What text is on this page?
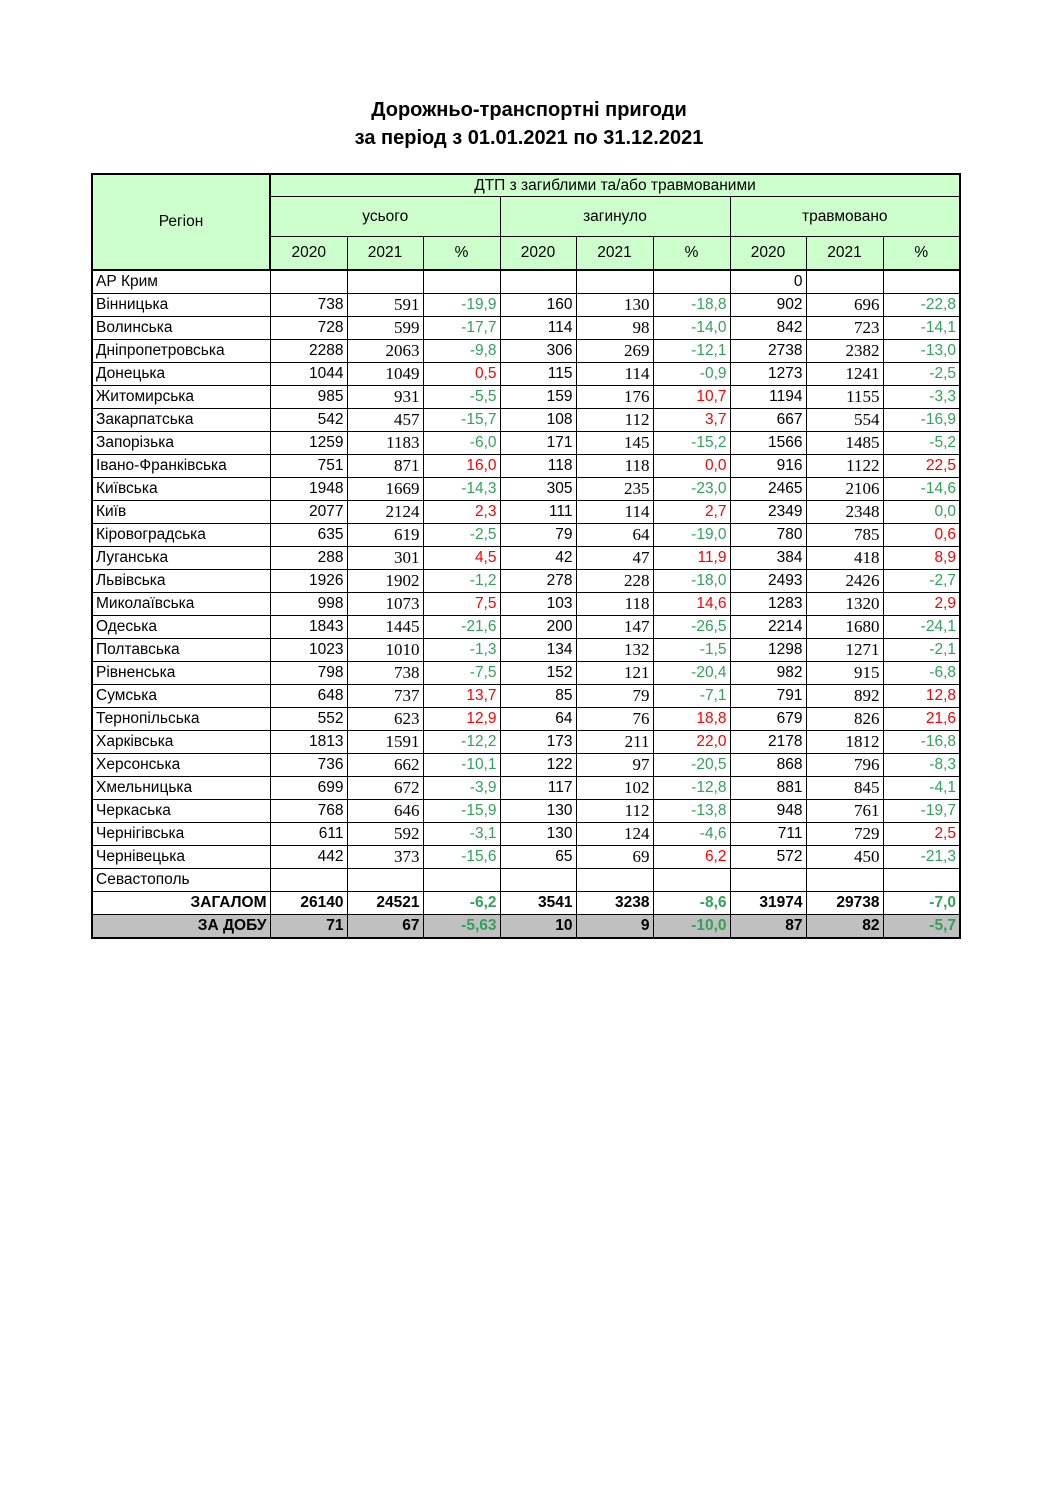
Дорожньо-транспортні пригоди
за період з 01.01.2021 по 31.12.2021
Регіон	ДТП з загиблими та/або травмованими								
	усього			загинуло			травмовано		
	2020	2021	%	2020	2021	%	2020	2021	%
АР Крим							0		
Вінницька	738	591	-19,9	160	130	-18,8	902	696	-22,8
Волинська	728	599	-17,7	114	98	-14,0	842	723	-14,1
Дніпропетровська	2288	2063	-9,8	306	269	-12,1	2738	2382	-13,0
Донецька	1044	1049	0,5	115	114	-0,9	1273	1241	-2,5
Житомирська	985	931	-5,5	159	176	10,7	1194	1155	-3,3
Закарпатська	542	457	-15,7	108	112	3,7	667	554	-16,9
Запорізька	1259	1183	-6,0	171	145	-15,2	1566	1485	-5,2
Івано-Франківська	751	871	16,0	118	118	0,0	916	1122	22,5
Київська	1948	1669	-14,3	305	235	-23,0	2465	2106	-14,6
Київ	2077	2124	2,3	111	114	2,7	2349	2348	0,0
Кіровоградська	635	619	-2,5	79	64	-19,0	780	785	0,6
Луганська	288	301	4,5	42	47	11,9	384	418	8,9
Львівська	1926	1902	-1,2	278	228	-18,0	2493	2426	-2,7
Миколаївська	998	1073	7,5	103	118	14,6	1283	1320	2,9
Одеська	1843	1445	-21,6	200	147	-26,5	2214	1680	-24,1
Полтавська	1023	1010	-1,3	134	132	-1,5	1298	1271	-2,1
Рівненська	798	738	-7,5	152	121	-20,4	982	915	-6,8
Сумська	648	737	13,7	85	79	-7,1	791	892	12,8
Тернопільська	552	623	12,9	64	76	18,8	679	826	21,6
Харківська	1813	1591	-12,2	173	211	22,0	2178	1812	-16,8
Херсонська	736	662	-10,1	122	97	-20,5	868	796	-8,3
Хмельницька	699	672	-3,9	117	102	-12,8	881	845	-4,1
Черкаська	768	646	-15,9	130	112	-13,8	948	761	-19,7
Чернігівська	611	592	-3,1	130	124	-4,6	711	729	2,5
Чернівецька	442	373	-15,6	65	69	6,2	572	450	-21,3
Севастополь									
ЗАГАЛОМ	26140	24521	-6,2	3541	3238	-8,6	31974	29738	-7,0
ЗА ДОБУ	71	67	-5,63	10	9	-10,0	87	82	-5,7
